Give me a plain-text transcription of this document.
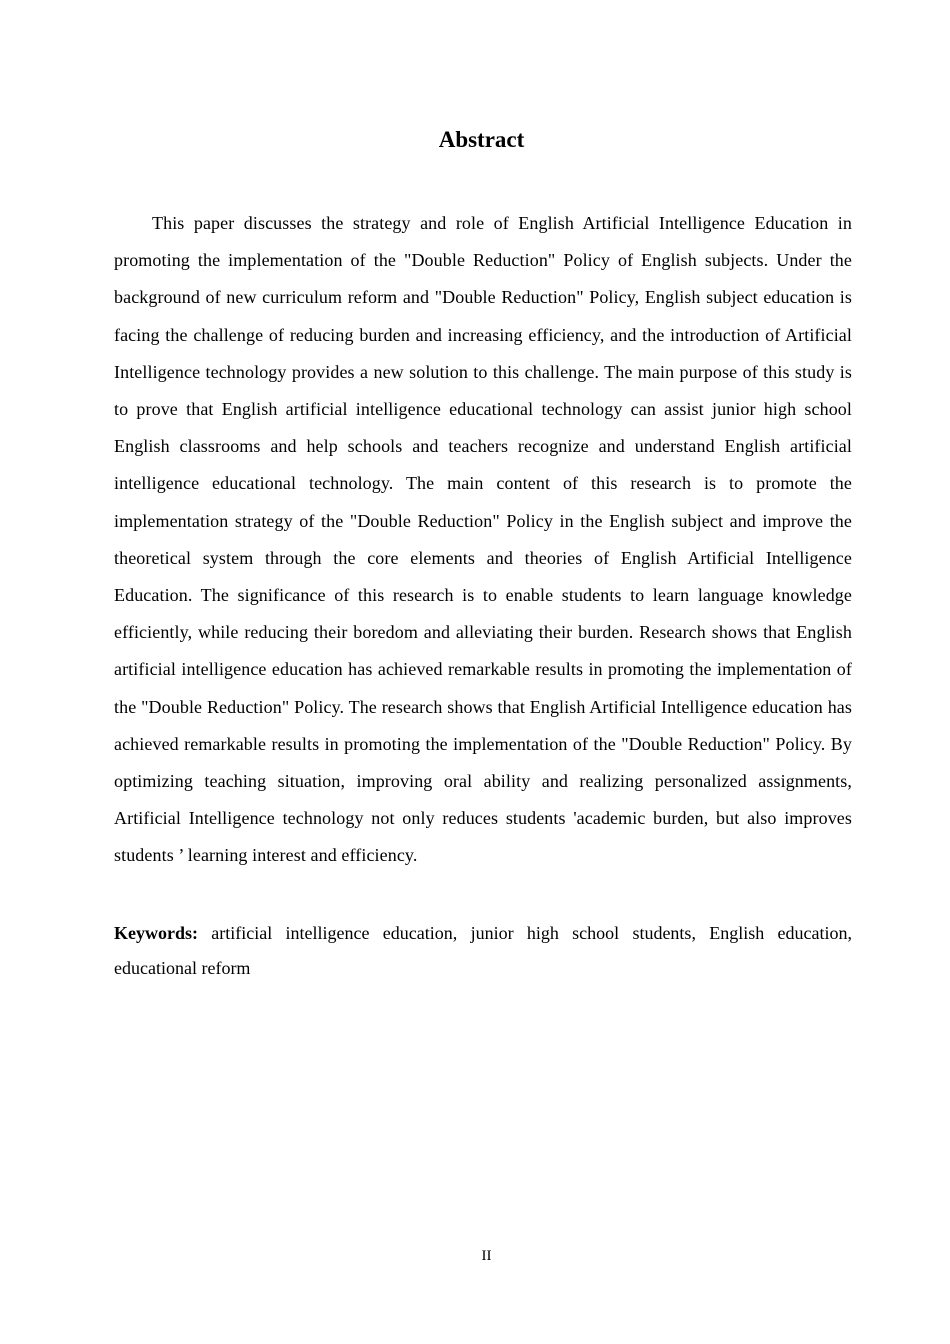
Abstract

This paper discusses the strategy and role of English Artificial Intelligence Education in promoting the implementation of the "Double Reduction" Policy of English subjects. Under the background of new curriculum reform and "Double Reduction" Policy, English subject education is facing the challenge of reducing burden and increasing efficiency, and the introduction of Artificial Intelligence technology provides a new solution to this challenge. The main purpose of this study is to prove that English artificial intelligence educational technology can assist junior high school English classrooms and help schools and teachers recognize and understand English artificial intelligence educational technology. The main content of this research is to promote the implementation strategy of the "Double Reduction" Policy in the English subject and improve the theoretical system through the core elements and theories of English Artificial Intelligence Education. The significance of this research is to enable students to learn language knowledge efficiently, while reducing their boredom and alleviating their burden. Research shows that English artificial intelligence education has achieved remarkable results in promoting the implementation of the "Double Reduction" Policy. The research shows that English Artificial Intelligence education has achieved remarkable results in promoting the implementation of the "Double Reduction" Policy. By optimizing teaching situation, improving oral ability and realizing personalized assignments, Artificial Intelligence technology not only reduces students 'academic burden, but also improves students ’ learning interest and efficiency.

Keywords: artificial intelligence education, junior high school students, English education, educational reform

II
